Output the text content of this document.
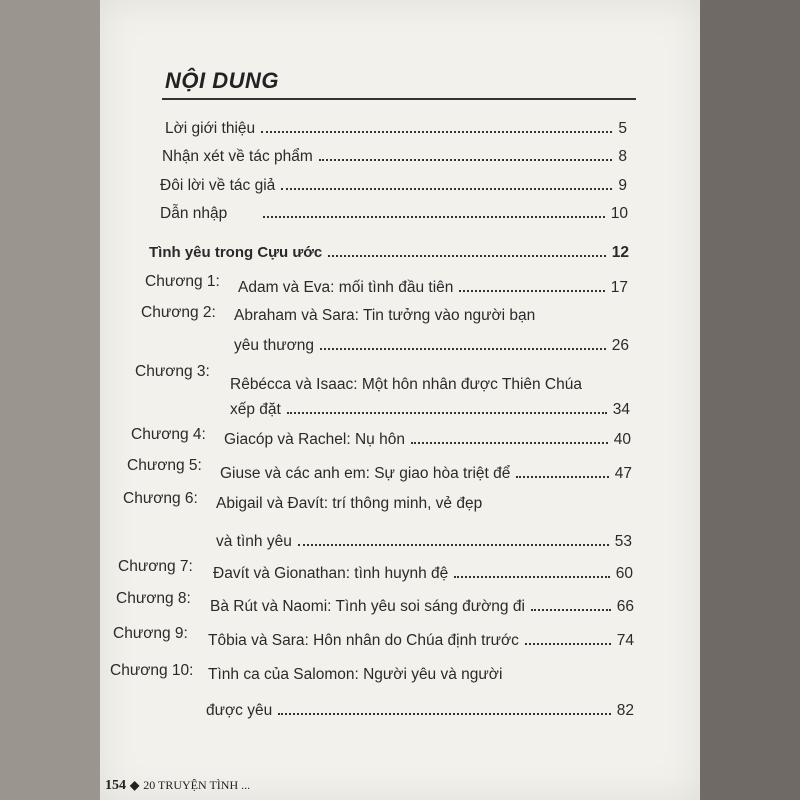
NỘI DUNG
Lời giới thiệu	5
Nhận xét về tác phẩm	8
Đôi lời về tác giả	9
Dẫn nhập	10
Tình yêu trong Cựu ước	12
Chương 1: Adam và Eva: mối tình đầu tiên	17
Chương 2: Abraham và Sara: Tin tưởng vào người bạn
yêu thương	26
Chương 3:
Rêbécca và Isaac: Một hôn nhân được Thiên Chúa
xếp đặt	34
Chương 4: Giacóp và Rachel: Nụ hôn	40
Chương 5: Giuse và các anh em: Sự giao hòa triệt để	47
Chương 6: Abigail và Đavít: trí thông minh, vẻ đẹp
và tình yêu	53
Chương 7: Đavít và Gionathan: tình huynh đệ	60
Chương 8: Bà Rút và Naomi: Tình yêu soi sáng đường đi	66
Chương 9: Tôbia và Sara: Hôn nhân do Chúa định trước	74
Chương 10: Tình ca của Salomon: Người yêu và người
được yêu	82
154 ◆ 20 TRUYỆN TÌNH ...
